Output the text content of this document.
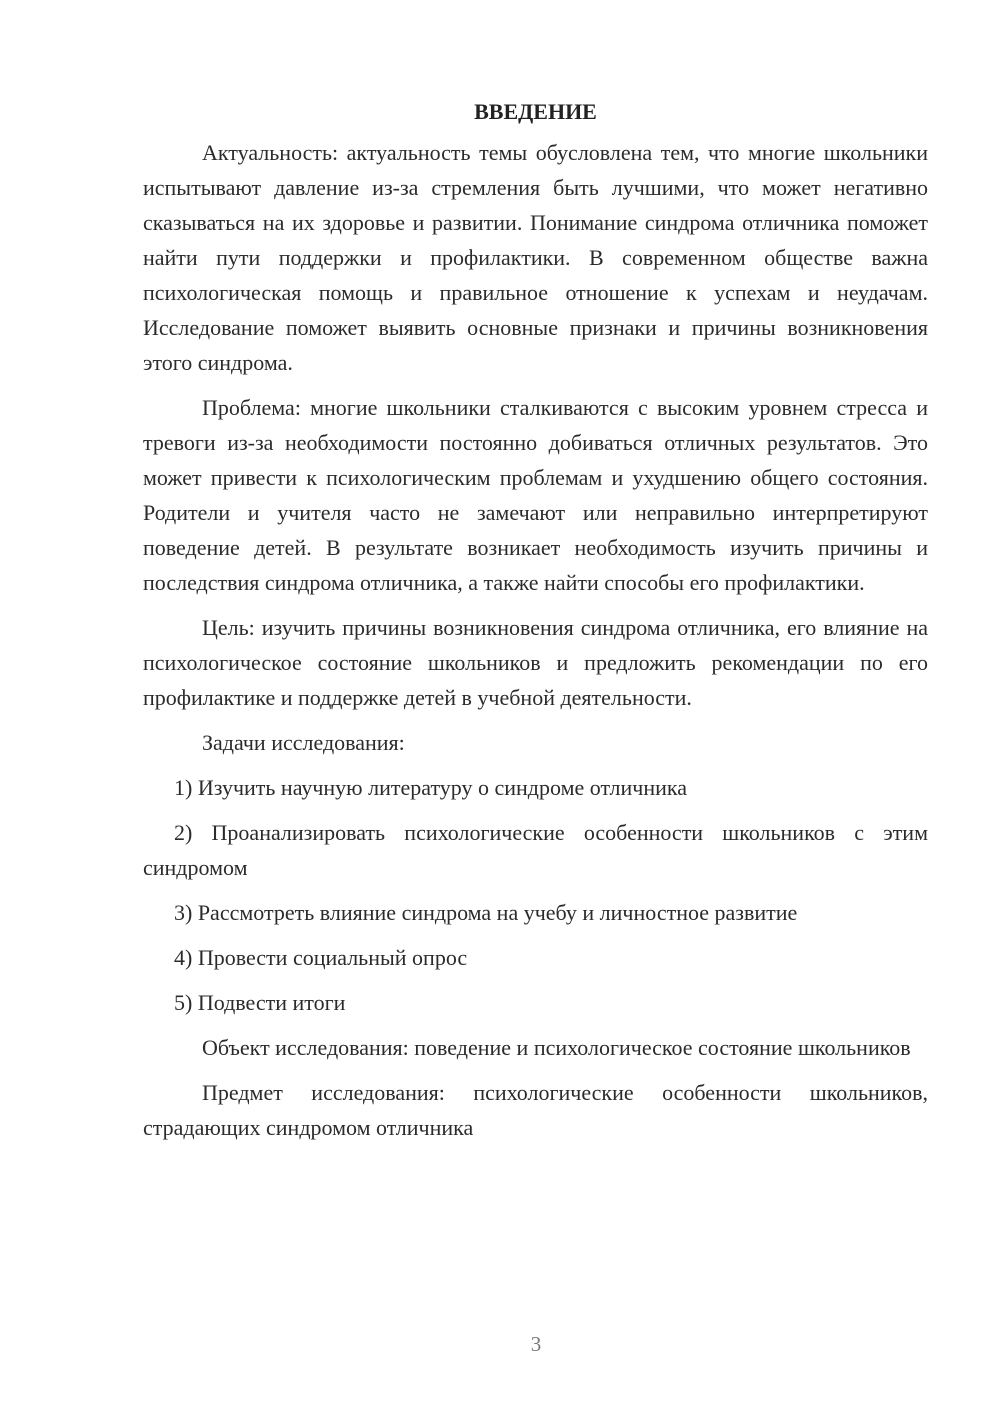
ВВЕДЕНИЕ

Актуальность: актуальность темы обусловлена тем, что многие школьники испытывают давление из-за стремления быть лучшими, что может негативно сказываться на их здоровье и развитии. Понимание синдрома отличника поможет найти пути поддержки и профилактики. В современном обществе важна психологическая помощь и правильное отношение к успехам и неудачам. Исследование поможет выявить основные признаки и причины возникновения этого синдрома.

Проблема: многие школьники сталкиваются с высоким уровнем стресса и тревоги из-за необходимости постоянно добиваться отличных результатов. Это может привести к психологическим проблемам и ухудшению общего состояния. Родители и учителя часто не замечают или неправильно интерпретируют поведение детей. В результате возникает необходимость изучить причины и последствия синдрома отличника, а также найти способы его профилактики.

Цель: изучить причины возникновения синдрома отличника, его влияние на психологическое состояние школьников и предложить рекомендации по его профилактике и поддержке детей в учебной деятельности.

Задачи исследования:

1) Изучить научную литературу о синдроме отличника

2) Проанализировать психологические особенности школьников с этим синдромом

3) Рассмотреть влияние синдрома на учебу и личностное развитие

4) Провести социальный опрос

5) Подвести итоги

Объект исследования: поведение и психологическое состояние школьников

Предмет исследования: психологические особенности школьников, страдающих синдромом отличника

3
